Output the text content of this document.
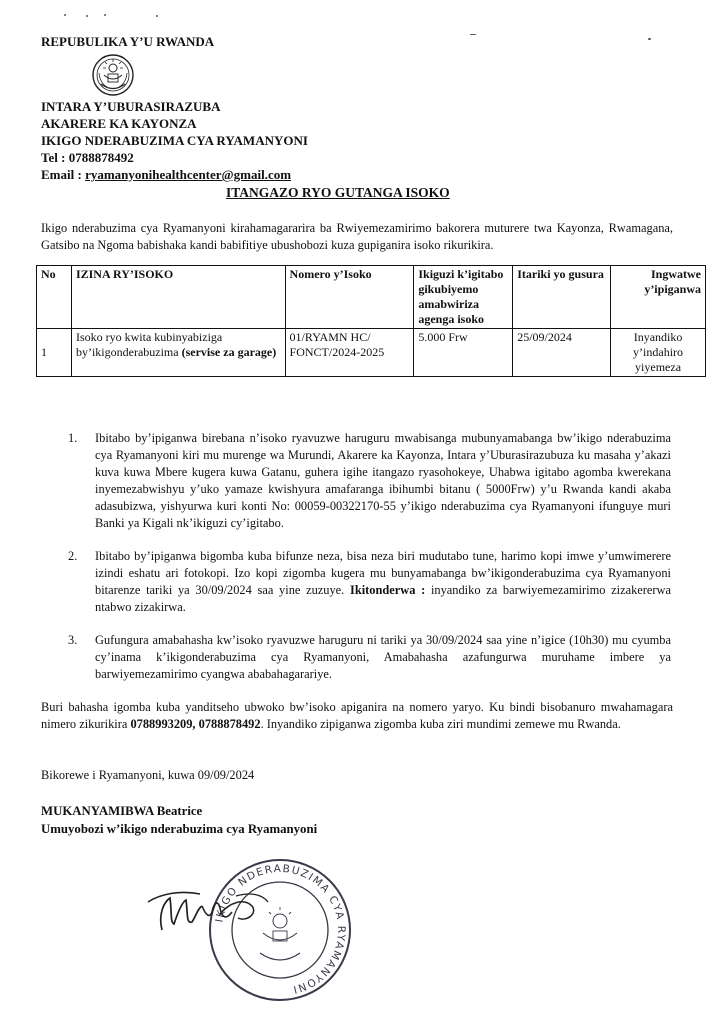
REPUBULIKA Y’U RWANDA
INTARA Y’UBURASIRAZUBA
AKARERE KA KAYONZA
IKIGO NDERABUZIMA CYA RYAMANYONI
Tel : 0788878492
Email : ryamanyonihealthcenter@gmail.com
ITANGAZO RYO GUTANGA ISOKO
Ikigo nderabuzima cya Ryamanyoni kirahamagararira ba Rwiyemezamirimo bakorera muturere twa Kayonza, Rwamagana, Gatsibo na Ngoma babishaka kandi babifitiye ubushobozi kuza gupiganira isoko rikurikira.
No	IZINA RY’ISOKO	Nomero y’Isoko	Ikiguzi k’igitabo gikubiyemo amabwiriza agenga isoko	Itariki yo gusura	Ingwatwe y’ipiganwa
1	Isoko ryo kwita kubinyabiziga by’ikigonderabuzima (servise za garage)	01/RYAMN HC/ FONCT/2024-2025	5.000 Frw	25/09/2024	Inyandiko y’indahiro yiyemeza
1. Ibitabo by’ipiganwa birebana n’isoko ryavuzwe haruguru mwabisanga mubunyamabanga bw’ikigo nderabuzima cya Ryamanyoni kiri mu murenge wa Murundi, Akarere ka Kayonza, Intara y’Uburasirazubuza ku masaha y’akazi kuva kuwa Mbere kugera kuwa Gatanu, guhera igihe itangazo ryasohokeye, Uhabwa igitabo agomba kwerekana inyemezabwishyu y’uko yamaze kwishyura amafaranga ibihumbi bitanu ( 5000Frw) y’u Rwanda kandi akaba adasubizwa, yishyurwa kuri konti No: 00059-00322170-55 y’ikigo nderabuzima cya Ryamanyoni ifunguye muri Banki ya Kigali nk’ikiguzi cy’igitabo.
2. Ibitabo by’ipiganwa bigomba kuba bifunze neza, bisa neza biri mudutabo tune, harimo kopi imwe y’umwimerere izindi eshatu ari fotokopi. Izo kopi zigomba kugera mu bunyamabanga bw’ikigonderabuzima cya Ryamanyoni bitarenze tariki ya 30/09/2024 saa yine zuzuye. Ikitonderwa : inyandiko za barwiyemezamirimo zizakererwa ntabwo zizakirwa.
3. Gufungura amabahasha kw’isoko ryavuzwe haruguru ni tariki ya 30/09/2024 saa yine n’igice (10h30) mu cyumba cy’inama k’ikigonderabuzima cya Ryamanyoni, Amabahasha azafungurwa muruhame imbere ya barwiyemezamirimo cyangwa ababahagarariye.
Buri bahasha igomba kuba yanditseho ubwoko bw’isoko apiganira na nomero yaryo. Ku bindi bisobanuro mwahamagara nimero zikurikira 0788993209, 0788878492. Inyandiko zipiganwa zigomba kuba ziri mundimi zemewe mu Rwanda.
Bikorewe i Ryamanyoni, kuwa 09/09/2024
MUKANYAMIBWA Beatrice
Umuyobozi w’ikigo nderabuzima cya Ryamanyoni
IKIGO NDERABUZIMA CYA RYAMANYONI
